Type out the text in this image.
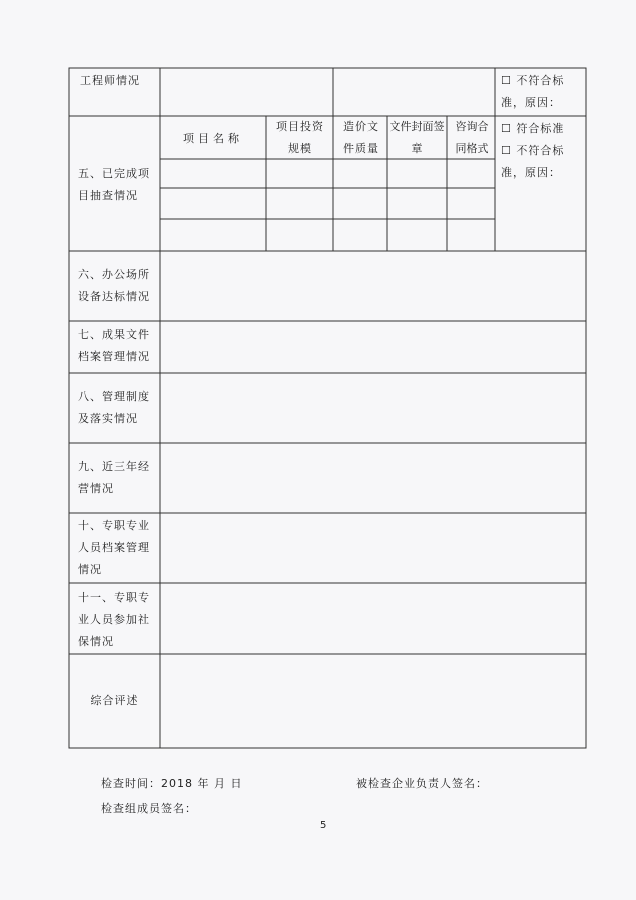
工程师情况	☐ 不符合标准，原因：
五、已完成项目抽查情况
项目名称
项目投资规模
造价文件质量
文件封面签章
咨询合同格式
☐ 符合标准
☐ 不符合标准，原因：
六、办公场所设备达标情况
七、成果文件档案管理情况
八、管理制度及落实情况
九、近三年经营情况
十、专职专业人员档案管理情况
十一、专职专业人员参加社保情况
综合评述
检查时间：2018 年 月 日	被检查企业负责人签名：
检查组成员签名：
5
